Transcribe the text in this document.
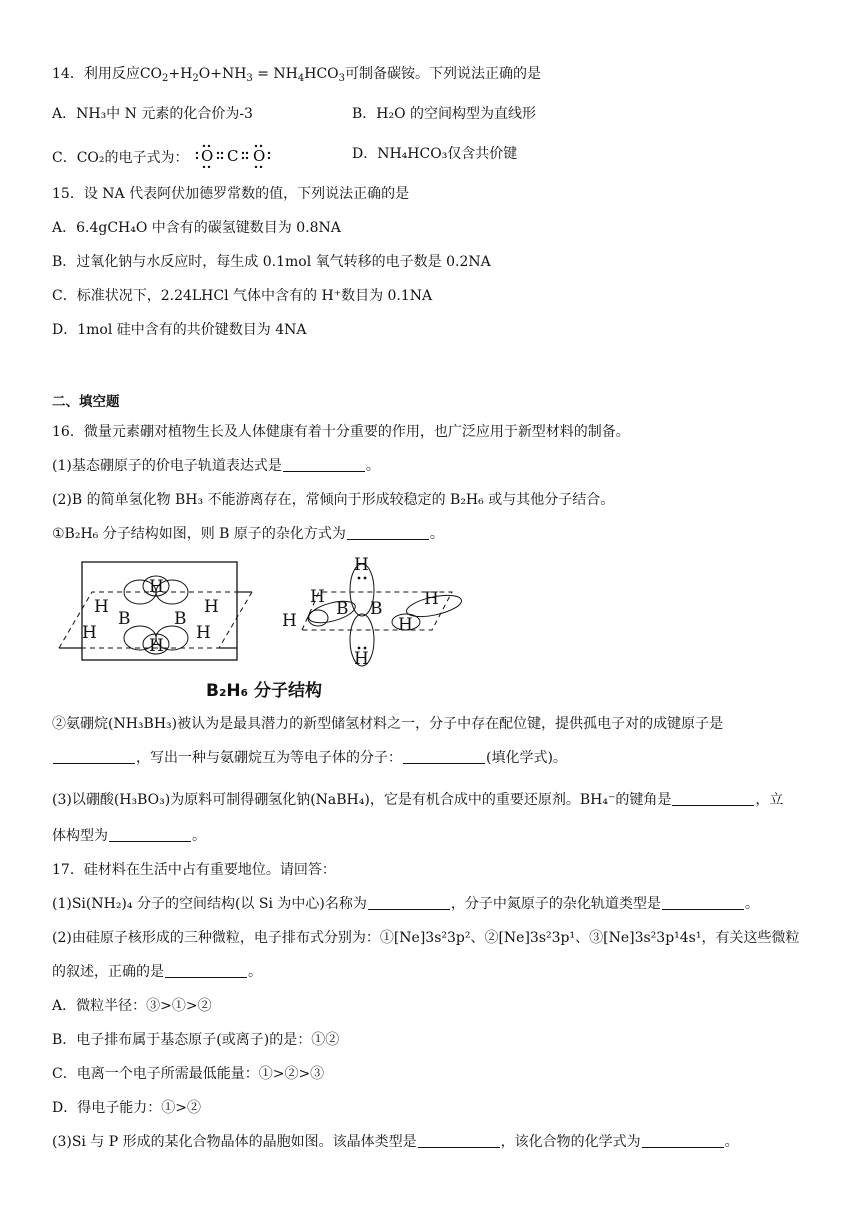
14．利用反应$CO_2+H_2O+NH_3 = NH_4HCO_3$可制备碳铵。下列说法正确的是
A．NH₃中 N 元素的化合价为-3	B．H₂O 的空间构型为直线形
C．CO₂的电子式为： O C O	D．NH₄HCO₃仅含共价键
15．设 NA 代表阿伏加德罗常数的值，下列说法正确的是
A．6.4gCH₄O 中含有的碳氢键数目为 0.8NA
B．过氧化钠与水反应时，每生成 0.1mol 氧气转移的电子数是 0.2NA
C．标准状况下，2.24LHCl 气体中含有的 H⁺数目为 0.1NA
D．1mol 硅中含有的共价键数目为 4NA
二、填空题
16．微量元素硼对植物生长及人体健康有着十分重要的作用，也广泛应用于新型材料的制备。
(1)基态硼原子的价电子轨道表达式是	。
(2)B 的简单氢化物 BH₃ 不能游离存在，常倾向于形成较稳定的 B₂H₆ 或与其他分子结合。
①B₂H₆ 分子结构如图，则 B 原子的杂化方式为	。
H
H
H
B	B
H
H	H
H
H
B B H
H	H
H
B₂H₆ 分子结构
②氨硼烷(NH₃BH₃)被认为是最具潜力的新型储氢材料之一，分子中存在配位键，提供孤电子对的成键原子是
，写出一种与氨硼烷互为等电子体的分子：	(填化学式)。
(3)以硼酸(H₃BO₃)为原料可制得硼氢化钠(NaBH₄)，它是有机合成中的重要还原剂。BH₄⁻的键角是	，立
体构型为	。
17．硅材料在生活中占有重要地位。请回答：
(1)Si(NH₂)₄ 分子的空间结构(以 Si 为中心)名称为	，分子中氮原子的杂化轨道类型是	。
(2)由硅原子核形成的三种微粒，电子排布式分别为：①[Ne]3s²3p²、②[Ne]3s²3p¹、③[Ne]3s²3p¹4s¹，有关这些微粒
的叙述，正确的是	。
A．微粒半径：③>①>②
B．电子排布属于基态原子(或离子)的是：①②
C．电离一个电子所需最低能量：①>②>③
D．得电子能力：①>②
(3)Si 与 P 形成的某化合物晶体的晶胞如图。该晶体类型是	，该化合物的化学式为	。
